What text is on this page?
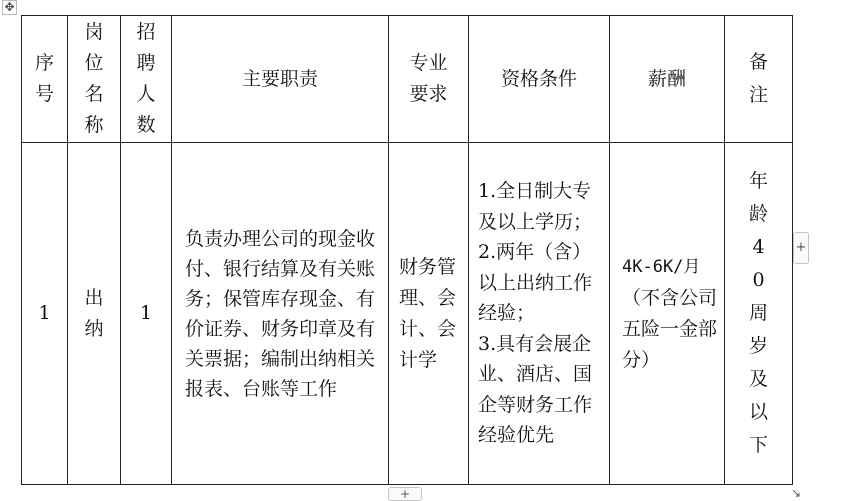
✥
序号	岗位名称	招聘人数	主要职责	专业要求	资格条件	薪酬	备注
1	出纳	1	负责办理公司的现金收付、银行结算及有关账务；保管库存现金、有价证券、财务印章及有关票据；编制出纳相关报表、台账等工作	财务管理、会计、会计学	1.全日制大专及以上学历；
2.两年（含）以上出纳工作经验；
3.具有会展企业、酒店、国企等财务工作经验优先	4K-6K/月
（不含公司五险一金部分）	年龄40周岁及以下
+
+	↘
